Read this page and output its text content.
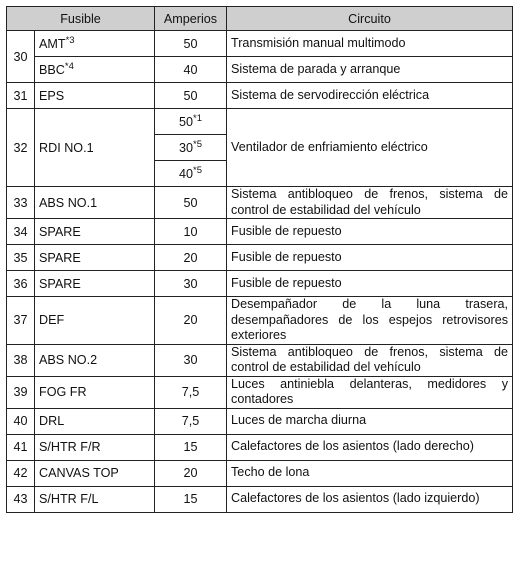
Fusible		Amperios	Circuito
30	AMT$^{*3}$	50	Transmisión manual multimodo
	BBC$^{*4}$	40	Sistema de parada y arranque
31	EPS	50	Sistema de servodirección eléctrica
32	RDI NO.1	50$^{*1}$	Ventilador de enfriamiento eléctrico
		30$^{*5}$
		40$^{*5}$
33	ABS NO.1	50	Sistema antibloqueo de frenos, sistema de control de estabilidad del vehículo
34	SPARE	10	Fusible de repuesto
35	SPARE	20	Fusible de repuesto
36	SPARE	30	Fusible de repuesto
37	DEF	20	Desempañador de la luna trasera, desempañadores de los espejos retrovisores exteriores
38	ABS NO.2	30	Sistema antibloqueo de frenos, sistema de control de estabilidad del vehículo
39	FOG FR	7,5	Luces antiniebla delanteras, medidores y contadores
40	DRL	7,5	Luces de marcha diurna
41	S/HTR F/R	15	Calefactores de los asientos (lado derecho)
42	CANVAS TOP	20	Techo de lona
43	S/HTR F/L	15	Calefactores de los asientos (lado izquierdo)
